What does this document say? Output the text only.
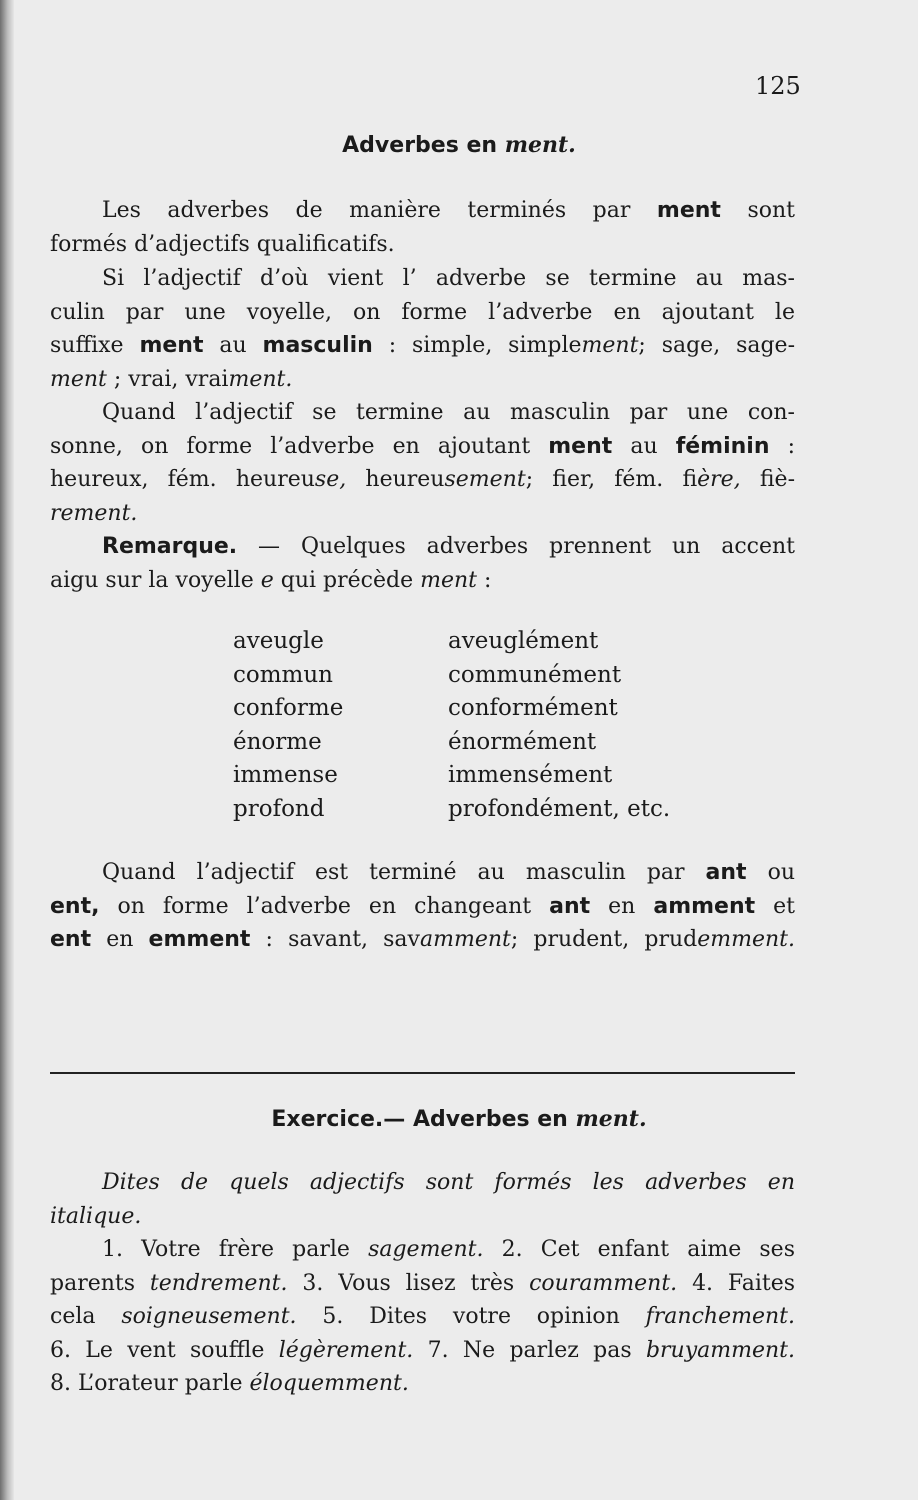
125
Adverbes en ment.
Les adverbes de manière terminés par ment sont
formés d’adjectifs qualificatifs.
Si l’adjectif d’où vient l’ adverbe se termine au mas-
culin par une voyelle, on forme l’adverbe en ajoutant le
suffixe ment au masculin : simple, simplement; sage, sage-
ment ; vrai, vraiment.
Quand l’adjectif se termine au masculin par une con-
sonne, on forme l’adverbe en ajoutant ment au féminin :
heureux, fém. heureuse, heureusement; fier, fém. fière, fiè-
rement.
Remarque. — Quelques adverbes prennent un accent
aigu sur la voyelle e qui précède ment :
aveugle	aveuglément
commun	communément
conforme	conformément
énorme	énormément
immense	immensément
profond	profondément, etc.
Quand l’adjectif est terminé au masculin par ant ou
ent, on forme l’adverbe en changeant ant en amment et
ent en emment : savant, savamment; prudent, prudemment.
Exercice.— Adverbes en ment.
Dites de quels adjectifs sont formés les adverbes en
italique.
1. Votre frère parle sagement. 2. Cet enfant aime ses
parents tendrement. 3. Vous lisez très couramment. 4. Faites
cela soigneusement. 5. Dites votre opinion franchement.
6. Le vent souffle légèrement. 7. Ne parlez pas bruyamment.
8. L’orateur parle éloquemment.
